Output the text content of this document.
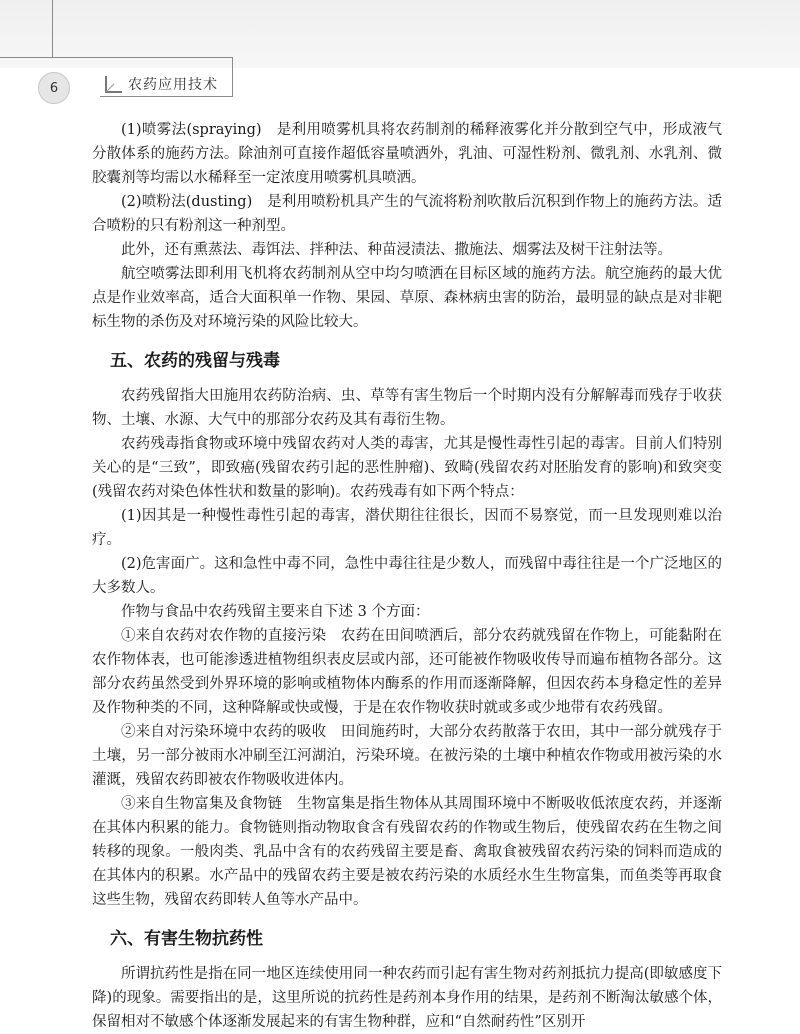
6	农药应用技术

(1)喷雾法(spraying)　是利用喷雾机具将农药制剂的稀释液雾化并分散到空气中，形成液气分散体系的施药方法。除油剂可直接作超低容量喷洒外，乳油、可湿性粉剂、微乳剂、水乳剂、微胶囊剂等均需以水稀释至一定浓度用喷雾机具喷洒。

(2)喷粉法(dusting)　是利用喷粉机具产生的气流将粉剂吹散后沉积到作物上的施药方法。适合喷粉的只有粉剂这一种剂型。

此外，还有熏蒸法、毒饵法、拌种法、种苗浸渍法、撒施法、烟雾法及树干注射法等。

航空喷雾法即利用飞机将农药制剂从空中均匀喷洒在目标区域的施药方法。航空施药的最大优点是作业效率高，适合大面积单一作物、果园、草原、森林病虫害的防治，最明显的缺点是对非靶标生物的杀伤及对环境污染的风险比较大。

五、农药的残留与残毒

农药残留指大田施用农药防治病、虫、草等有害生物后一个时期内没有分解解毒而残存于收获物、土壤、水源、大气中的那部分农药及其有毒衍生物。

农药残毒指食物或环境中残留农药对人类的毒害，尤其是慢性毒性引起的毒害。目前人们特别关心的是“三致”，即致癌(残留农药引起的恶性肿瘤)、致畸(残留农药对胚胎发育的影响)和致突变(残留农药对染色体性状和数量的影响)。农药残毒有如下两个特点：

(1)因其是一种慢性毒性引起的毒害，潜伏期往往很长，因而不易察觉，而一旦发现则难以治疗。

(2)危害面广。这和急性中毒不同，急性中毒往往是少数人，而残留中毒往往是一个广泛地区的大多数人。

作物与食品中农药残留主要来自下述 3 个方面：

①来自农药对农作物的直接污染　农药在田间喷洒后，部分农药就残留在作物上，可能黏附在农作物体表，也可能渗透进植物组织表皮层或内部，还可能被作物吸收传导而遍布植物各部分。这部分农药虽然受到外界环境的影响或植物体内酶系的作用而逐渐降解，但因农药本身稳定性的差异及作物种类的不同，这种降解或快或慢，于是在农作物收获时就或多或少地带有农药残留。

②来自对污染环境中农药的吸收　田间施药时，大部分农药散落于农田，其中一部分就残存于土壤，另一部分被雨水冲刷至江河湖泊，污染环境。在被污染的土壤中种植农作物或用被污染的水灌溉，残留农药即被农作物吸收进体内。

③来自生物富集及食物链　生物富集是指生物体从其周围环境中不断吸收低浓度农药，并逐渐在其体内积累的能力。食物链则指动物取食含有残留农药的作物或生物后，使残留农药在生物之间转移的现象。一般肉类、乳品中含有的农药残留主要是畜、禽取食被残留农药污染的饲料而造成的在其体内的积累。水产品中的残留农药主要是被农药污染的水质经水生生物富集，而鱼类等再取食这些生物，残留农药即转人鱼等水产品中。

六、有害生物抗药性

所谓抗药性是指在同一地区连续使用同一种农药而引起有害生物对药剂抵抗力提高(即敏感度下降)的现象。需要指出的是，这里所说的抗药性是药剂本身作用的结果，是药剂不断淘汰敏感个体，保留相对不敏感个体逐渐发展起来的有害生物种群，应和“自然耐药性”区别开
